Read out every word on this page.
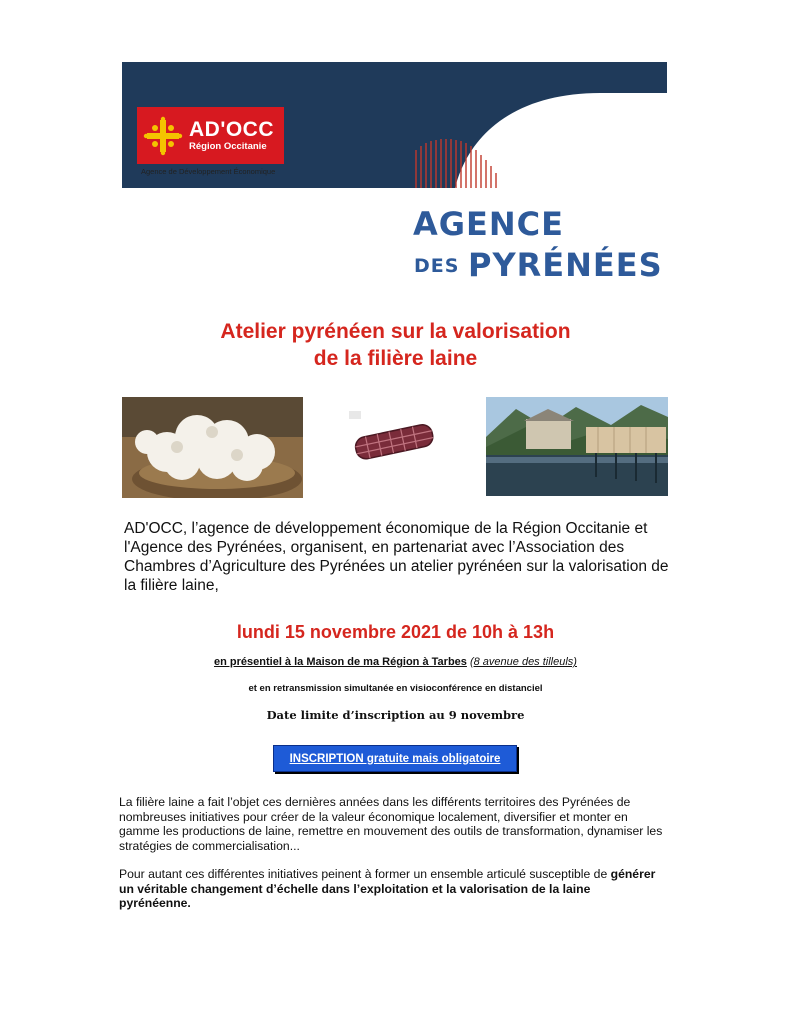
AD'OCC
Région Occitanie
Agence de Développement Économique
AGENCE
DES PYRÉNÉES
Atelier pyrénéen sur la valorisation
de la filière laine
AD'OCC, l’agence de développement économique de la Région Occitanie et l'Agence des Pyrénées, organisent, en partenariat avec l’Association des Chambres d’Agriculture des Pyrénées un atelier pyrénéen sur la valorisation de la filière laine,
lundi 15 novembre 2021 de 10h à 13h
en présentiel à la Maison de ma Région à Tarbes (8 avenue des tilleuls)
et en retransmission simultanée en visioconférence en distanciel
Date limite d’inscription au 9 novembre
INSCRIPTION gratuite mais obligatoire
La filière laine a fait l’objet ces dernières années dans les différents territoires des Pyrénées de nombreuses initiatives pour créer de la valeur économique localement, diversifier et monter en gamme les productions de laine, remettre en mouvement des outils de transformation, dynamiser les stratégies de commercialisation...
Pour autant ces différentes initiatives peinent à former un ensemble articulé susceptible de générer un véritable changement d’échelle dans l’exploitation et la valorisation de la laine pyrénéenne.
